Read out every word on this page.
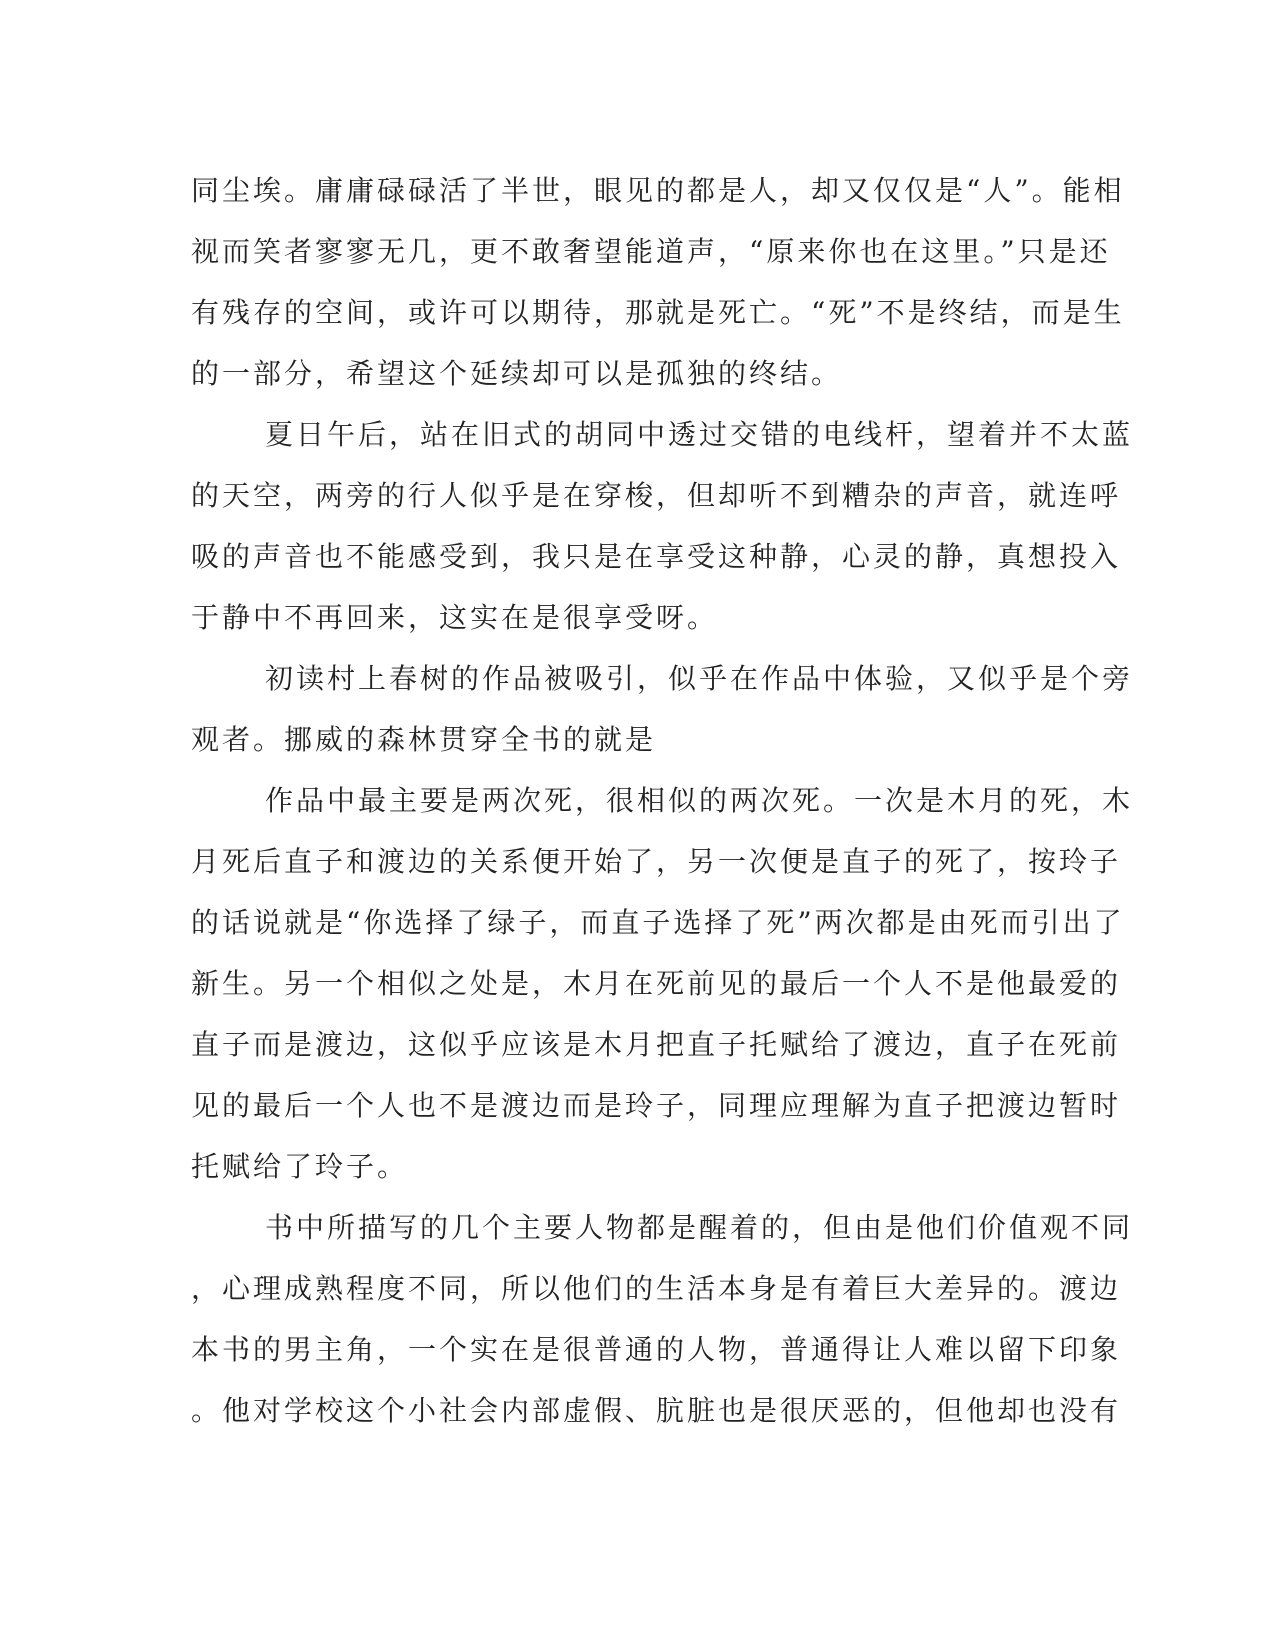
同尘埃。庸庸碌碌活了半世，眼见的都是人，却又仅仅是“人”。能相
视而笑者寥寥无几，更不敢奢望能道声，“原来你也在这里。”只是还
有残存的空间，或许可以期待，那就是死亡。“死”不是终结，而是生
的一部分，希望这个延续却可以是孤独的终结。
夏日午后，站在旧式的胡同中透过交错的电线杆，望着并不太蓝
的天空，两旁的行人似乎是在穿梭，但却听不到糟杂的声音，就连呼
吸的声音也不能感受到，我只是在享受这种静，心灵的静，真想投入
于静中不再回来，这实在是很享受呀。
初读村上春树的作品被吸引，似乎在作品中体验，又似乎是个旁
观者。挪威的森林贯穿全书的就是
作品中最主要是两次死，很相似的两次死。一次是木月的死，木
月死后直子和渡边的关系便开始了，另一次便是直子的死了，按玲子
的话说就是“你选择了绿子，而直子选择了死”两次都是由死而引出了
新生。另一个相似之处是，木月在死前见的最后一个人不是他最爱的
直子而是渡边，这似乎应该是木月把直子托赋给了渡边，直子在死前
见的最后一个人也不是渡边而是玲子，同理应理解为直子把渡边暂时
托赋给了玲子。
书中所描写的几个主要人物都是醒着的，但由是他们价值观不同
，心理成熟程度不同，所以他们的生活本身是有着巨大差异的。渡边
本书的男主角，一个实在是很普通的人物，普通得让人难以留下印象
。他对学校这个小社会内部虚假、肮脏也是很厌恶的，但他却也没有
